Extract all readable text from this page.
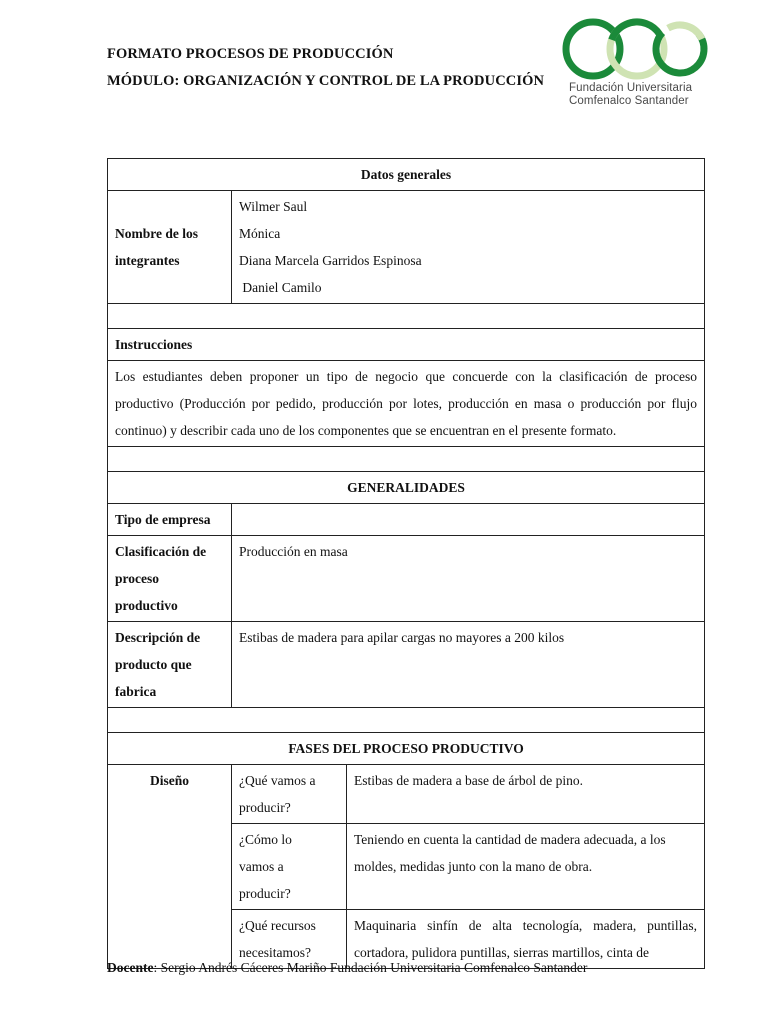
FORMATO PROCESOS DE PRODUCCIÓN
MÓDULO: ORGANIZACIÓN Y CONTROL DE LA PRODUCCIÓN Fundación Universitaria
Comfenalco Santander
Datos generales		

Nombre de los
integrantes	Wilmer Saul
Mónica
Diana Marcela Garridos Espinosa
Daniel Camilo	

Instrucciones		
Los estudiantes deben proponer un tipo de negocio que concuerde con la clasificación de proceso productivo (Producción por pedido, producción por lotes, producción en masa o producción por flujo continuo) y describir cada uno de los componentes que se encuentran en el presente formato.		

GENERALIDADES		
Tipo de empresa		

Clasificación de
proceso
productivo	Producción en masa	

Descripción de
producto que
fabrica	Estibas de madera para apilar cargas no mayores a 200 kilos	

FASES DEL PROCESO PRODUCTIVO		
Diseño	¿Qué vamos a
producir?	Estibas de madera a base de árbol de pino.

	¿Cómo lo
vamos a
producir?	Teniendo en cuenta la cantidad de madera adecuada, a los moldes, medidas junto con la mano de obra.

	¿Qué recursos
necesitamos?	Maquinaria sinfín de alta tecnología, madera, puntillas, cortadora, pulidora puntillas, sierras martillos, cinta de
Docente: Sergio Andrés Cáceres Mariño Fundación Universitaria Comfenalco Santander
